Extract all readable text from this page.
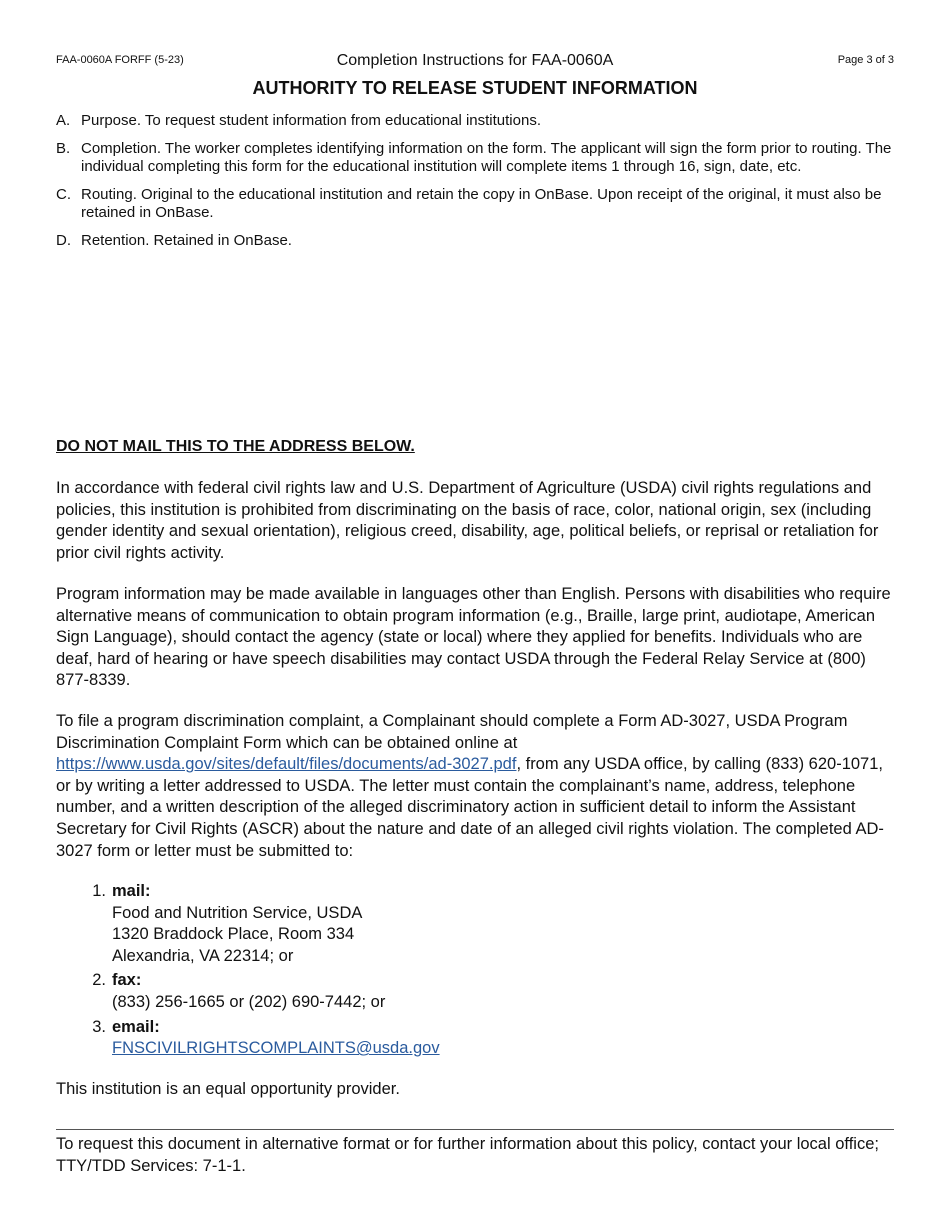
FAA-0060A FORFF (5-23)	Completion Instructions for FAA-0060A	Page 3 of 3
AUTHORITY TO RELEASE STUDENT INFORMATION
A. Purpose. To request student information from educational institutions.
B. Completion. The worker completes identifying information on the form. The applicant will sign the form prior to routing. The individual completing this form for the educational institution will complete items 1 through 16, sign, date, etc.
C. Routing. Original to the educational institution and retain the copy in OnBase. Upon receipt of the original, it must also be retained in OnBase.
D. Retention. Retained in OnBase.
DO NOT MAIL THIS TO THE ADDRESS BELOW.

In accordance with federal civil rights law and U.S. Department of Agriculture (USDA) civil rights regulations and policies, this institution is prohibited from discriminating on the basis of race, color, national origin, sex (including gender identity and sexual orientation), religious creed, disability, age, political beliefs, or reprisal or retaliation for prior civil rights activity.

Program information may be made available in languages other than English. Persons with disabilities who require alternative means of communication to obtain program information (e.g., Braille, large print, audiotape, American Sign Language), should contact the agency (state or local) where they applied for benefits. Individuals who are deaf, hard of hearing or have speech disabilities may contact USDA through the Federal Relay Service at (800) 877-8339.

To file a program discrimination complaint, a Complainant should complete a Form AD-3027, USDA Program Discrimination Complaint Form which can be obtained online at https://www.usda.gov/sites/default/files/documents/ad-3027.pdf, from any USDA office, by calling (833) 620-1071, or by writing a letter addressed to USDA. The letter must contain the complainant’s name, address, telephone number, and a written description of the alleged discriminatory action in sufficient detail to inform the Assistant Secretary for Civil Rights (ASCR) about the nature and date of an alleged civil rights violation. The completed AD-3027 form or letter must be submitted to:

1. mail:
Food and Nutrition Service, USDA
1320 Braddock Place, Room 334
Alexandria, VA 22314; or
2. fax:
(833) 256-1665 or (202) 690-7442; or
3. email:
FNSCIVILRIGHTSCOMPLAINTS@usda.gov
This institution is an equal opportunity provider.

To request this document in alternative format or for further information about this policy, contact your local office; TTY/TDD Services: 7-1-1.
